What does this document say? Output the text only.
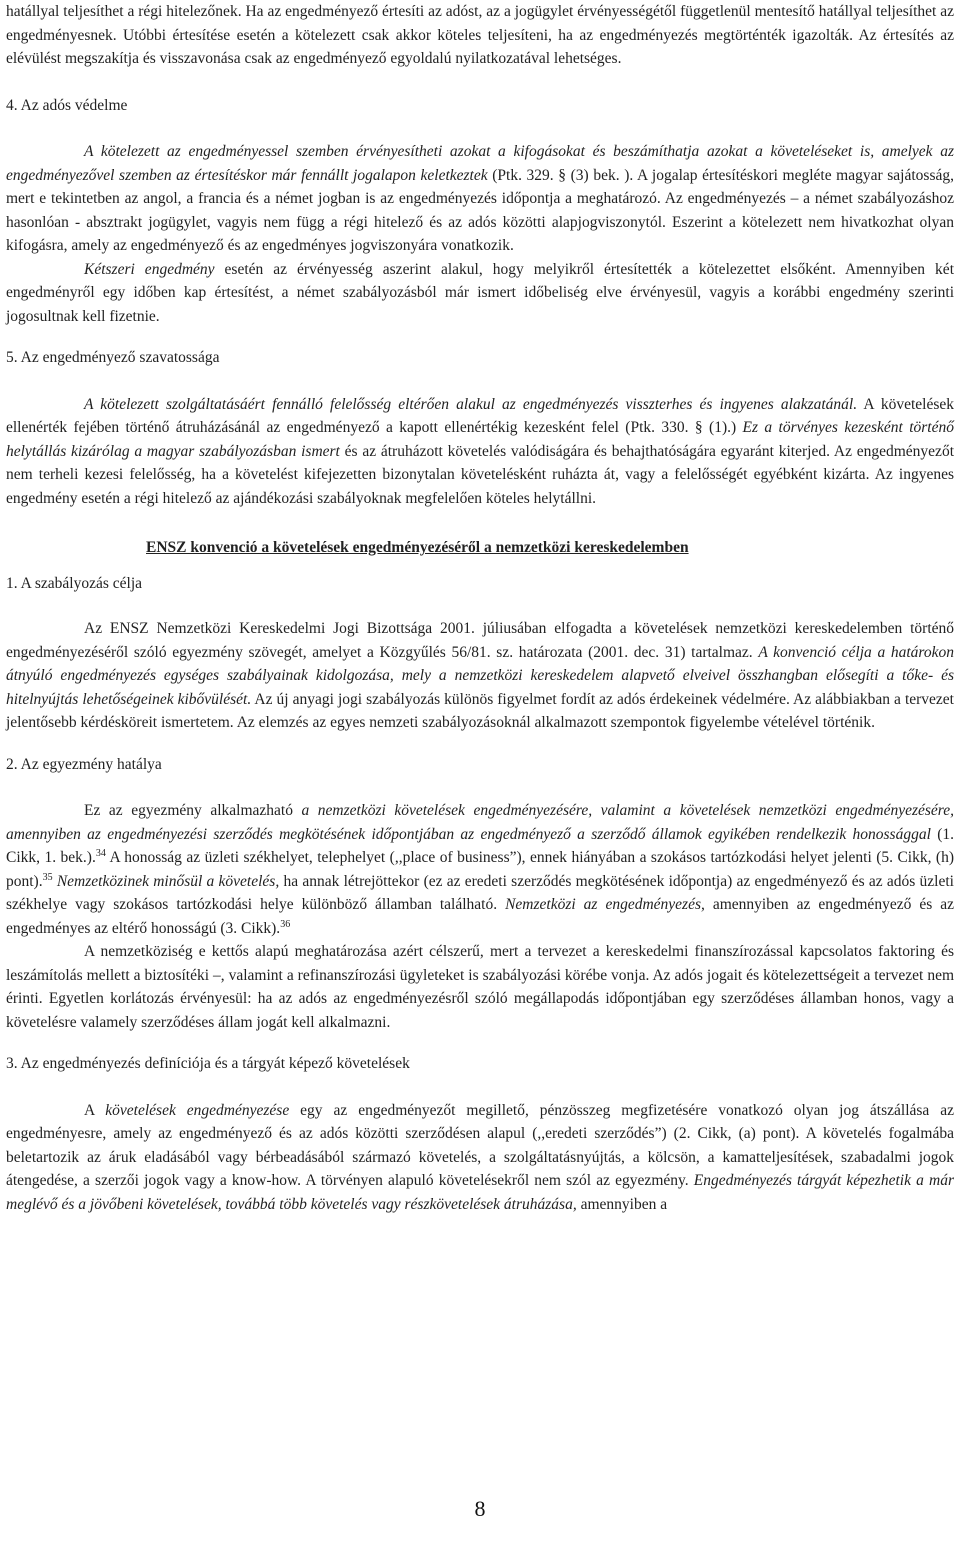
hatállyal teljesíthet a régi hitelezőnek. Ha az engedményező értesíti az adóst, az a jogügylet érvényességétől függetlenül mentesítő hatállyal teljesíthet az engedményesnek. Utóbbi értesítése esetén a kötelezett csak akkor köteles teljesíteni, ha az engedményezés megtörténték igazolták. Az értesítés az elévülést megszakítja és visszavonása csak az engedményező egyoldalú nyilatkozatával lehetséges.

4. Az adós védelme

A kötelezett az engedményessel szemben érvényesítheti azokat a kifogásokat és beszámíthatja azokat a követeléseket is, amelyek az engedményezővel szemben az értesítéskor már fennállt jogalapon keletkeztek (Ptk. 329. § (3) bek. ). A jogalap értesítéskori megléte magyar sajátosság, mert e tekintetben az angol, a francia és a német jogban is az engedményezés időpontja a meghatározó. Az engedményezés – a német szabályozáshoz hasonlóan - absztrakt jogügylet, vagyis nem függ a régi hitelező és az adós közötti alapjogviszonytól. Eszerint a kötelezett nem hivatkozhat olyan kifogásra, amely az engedményező és az engedményes jogviszonyára vonatkozik.

Kétszeri engedmény esetén az érvényesség aszerint alakul, hogy melyikről értesítették a kötelezettet elsőként. Amennyiben két engedményről egy időben kap értesítést, a német szabályozásból már ismert időbeliség elve érvényesül, vagyis a korábbi engedmény szerinti jogosultnak kell fizetnie.

5. Az engedményező szavatossága

A kötelezett szolgáltatásáért fennálló felelősség eltérően alakul az engedményezés visszterhes és ingyenes alakzatánál. A követelések ellenérték fejében történő átruházásánál az engedményező a kapott ellenértékig kezesként felel (Ptk. 330. § (1).) Ez a törvényes kezesként történő helytállás kizárólag a magyar szabályozásban ismert és az átruházott követelés valódiságára és behajthatóságára egyaránt kiterjed. Az engedményezőt nem terheli kezesi felelősség, ha a követelést kifejezetten bizonytalan követelésként ruházta át, vagy a felelősségét egyébként kizárta. Az ingyenes engedmény esetén a régi hitelező az ajándékozási szabályoknak megfelelően köteles helytállni.

ENSZ konvenció a követelések engedményezéséről a nemzetközi kereskedelemben

1. A szabályozás célja

Az ENSZ Nemzetközi Kereskedelmi Jogi Bizottsága 2001. júliusában elfogadta a követelések nemzetközi kereskedelemben történő engedményezéséről szóló egyezmény szövegét, amelyet a Közgyűlés 56/81. sz. határozata (2001. dec. 31) tartalmaz. A konvenció célja a határokon átnyúló engedményezés egységes szabályainak kidolgozása, mely a nemzetközi kereskedelem alapvető elveivel összhangban elősegíti a tőke- és hitelnyújtás lehetőségeinek kibővülését. Az új anyagi jogi szabályozás különös figyelmet fordít az adós érdekeinek védelmére. Az alábbiakban a tervezet jelentősebb kérdésköreit ismertetem. Az elemzés az egyes nemzeti szabályozásoknál alkalmazott szempontok figyelembe vételével történik.

2. Az egyezmény hatálya

Ez az egyezmény alkalmazható a nemzetközi követelések engedményezésére, valamint a követelések nemzetközi engedményezésére, amennyiben az engedményezési szerződés megkötésének időpontjában az engedményező a szerződő államok egyikében rendelkezik honossággal (1. Cikk, 1. bek.).$^{34}$ A honosság az üzleti székhelyet, telephelyet (,,place of business”), ennek hiányában a szokásos tartózkodási helyet jelenti (5. Cikk, (h) pont).$^{35}$ Nemzetközinek minősül a követelés, ha annak létrejöttekor (ez az eredeti szerződés megkötésének időpontja) az engedményező és az adós üzleti székhelye vagy szokásos tartózkodási helye különböző államban található. Nemzetközi az engedményezés, amennyiben az engedményező és az engedményes az eltérő honosságú (3. Cikk).$^{36}$

A nemzetköziség e kettős alapú meghatározása azért célszerű, mert a tervezet a kereskedelmi finanszírozással kapcsolatos faktoring és leszámítolás mellett a biztosítéki –, valamint a refinanszírozási ügyleteket is szabályozási körébe vonja. Az adós jogait és kötelezettségeit a tervezet nem érinti. Egyetlen korlátozás érvényesül: ha az adós az engedményezésről szóló megállapodás időpontjában egy szerződéses államban honos, vagy a követelésre valamely szerződéses állam jogát kell alkalmazni.

3. Az engedményezés definíciója és a tárgyát képező követelések

A követelések engedményezése egy az engedményezőt megillető, pénzösszeg megfizetésére vonatkozó olyan jog átszállása az engedményesre, amely az engedményező és az adós közötti szerződésen alapul (,,eredeti szerződés”) (2. Cikk, (a) pont). A követelés fogalmába beletartozik az áruk eladásából vagy bérbeadásából származó követelés, a szolgáltatásnyújtás, a kölcsön, a kamatteljesítések, szabadalmi jogok átengedése, a szerzői jogok vagy a know-how. A törvényen alapuló követelésekről nem szól az egyezmény. Engedményezés tárgyát képezhetik a már meglévő és a jövőbeni követelések, továbbá több követelés vagy részkövetelések átruházása, amennyiben a

8
